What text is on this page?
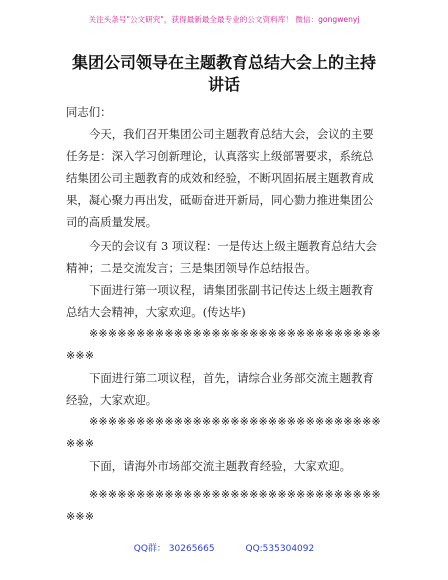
关注头条号"公文研究"，获得最新最全最专业的公文资料库！ 微信：gongwenyj
集团公司领导在主题教育总结大会上的主持讲话
同志们：
今天，我们召开集团公司主题教育总结大会，会议的主要任务是：深入学习创新理论，认真落实上级部署要求，系统总结集团公司主题教育的成效和经验，不断巩固拓展主题教育成果，凝心聚力再出发，砥砺奋进开新局，同心勠力推进集团公司的高质量发展。
今天的会议有 3 项议程：一是传达上级主题教育总结大会精神；二是交流发言；三是集团领导作总结报告。
下面进行第一项议程，请集团张副书记传达上级主题教育总结大会精神，大家欢迎。(传达毕)
※※※※※※※※※※※※※※※※※※※※※※※※※※※※※※※※※※
下面进行第二项议程，首先，请综合业务部交流主题教育经验，大家欢迎。
※※※※※※※※※※※※※※※※※※※※※※※※※※※※※※※※※※
下面，请海外市场部交流主题教育经验，大家欢迎。
※※※※※※※※※※※※※※※※※※※※※※※※※※※※※※※※※※
QQ群： 30265665	QQ:535304092
